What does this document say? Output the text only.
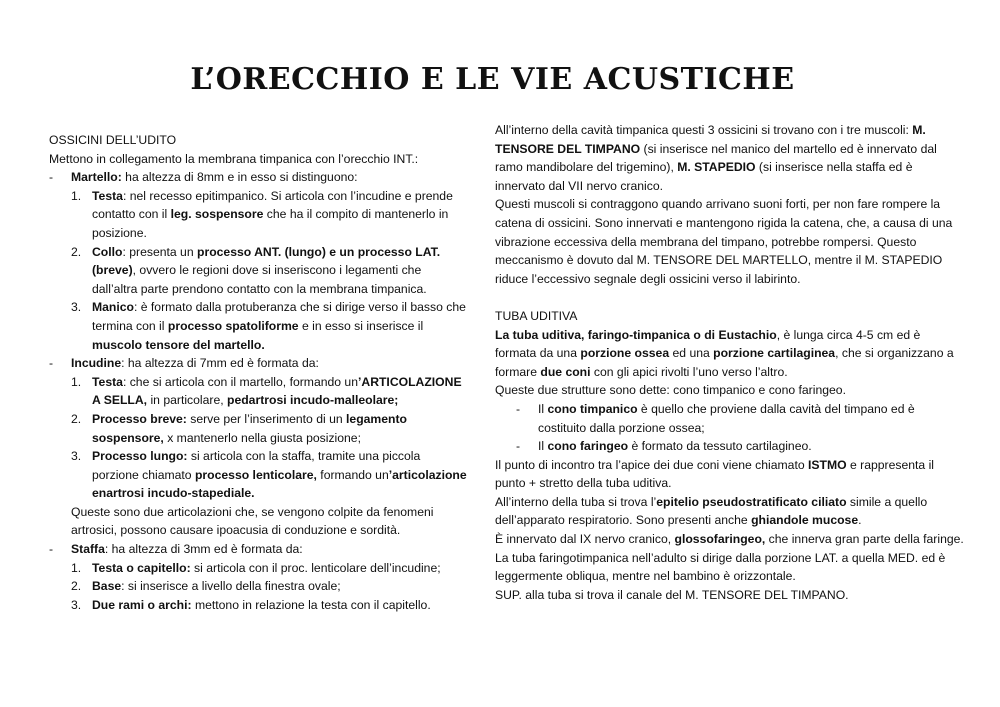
L’ORECCHIO E LE VIE ACUSTICHE

OSSICINI DELL’UDITO

Mettono in collegamento la membrana timpanica con l’orecchio INT.:

-	Martello: ha altezza di 8mm e in esso si distinguono:
1. Testa: nel recesso epitimpanico. Si articola con l’incudine e prende contatto con il leg. sospensore che ha il compito di mantenerlo in posizione.
2. Collo: presenta un processo ANT. (lungo) e un processo LAT. (breve), ovvero le regioni dove si inseriscono i legamenti che dall’altra parte prendono contatto con la membrana timpanica.
3. Manico: è formato dalla protuberanza che si dirige verso il basso che termina con il processo spatoliforme e in esso si inserisce il muscolo tensore del martello.
-	Incudine: ha altezza di 7mm ed è formata da:
1. Testa: che si articola con il martello, formando un’ARTICOLAZIONE A SELLA, in particolare, pedartrosi incudo-malleolare;
2. Processo breve: serve per l’inserimento di un legamento sospensore, x mantenerlo nella giusta posizione;
3. Processo lungo: si articola con la staffa, tramite una piccola porzione chiamato processo lenticolare, formando un’articolazione enartrosi incudo-stapediale.

Queste sono due articolazioni che, se vengono colpite da fenomeni artrosici, possono causare ipoacusia di conduzione e sordità.

-	Staffa: ha altezza di 3mm ed è formata da:
1. Testa o capitello: si articola con il proc. lenticolare dell’incudine;
2. Base: si inserisce a livello della finestra ovale;
3. Due rami o archi: mettono in relazione la testa con il capitello.

All’interno della cavità timpanica questi 3 ossicini si trovano con i tre muscoli: M. TENSORE DEL TIMPANO (si inserisce nel manico del martello ed è innervato dal ramo mandibolare del trigemino), M. STAPEDIO (si inserisce nella staffa ed è innervato dal VII nervo cranico.

Questi muscoli si contraggono quando arrivano suoni forti, per non fare rompere la catena di ossicini. Sono innervati e mantengono rigida la catena, che, a causa di una vibrazione eccessiva della membrana del timpano, potrebbe rompersi. Questo meccanismo è dovuto dal M. TENSORE DEL MARTELLO, mentre il M. STAPEDIO riduce l’eccessivo segnale degli ossicini verso il labirinto.

TUBA UDITIVA

La tuba uditiva, faringo-timpanica o di Eustachio, è lunga circa 4-5 cm ed è formata da una porzione ossea ed una porzione cartilaginea, che si organizzano a formare due coni con gli apici rivolti l’uno verso l’altro.

Queste due strutture sono dette: cono timpanico e cono faringeo.

-	Il cono timpanico è quello che proviene dalla cavità del timpano ed è costituito dalla porzione ossea;
-	Il cono faringeo è formato da tessuto cartilagineo.

Il punto di incontro tra l’apice dei due coni viene chiamato ISTMO e rappresenta il punto + stretto della tuba uditiva.

All’interno della tuba si trova l’epitelio pseudostratificato ciliato simile a quello dell’apparato respiratorio. Sono presenti anche ghiandole mucose.

È innervato dal IX nervo cranico, glossofaringeo, che innerva gran parte della faringe.

La tuba faringotimpanica nell’adulto si dirige dalla porzione LAT. a quella MED. ed è leggermente obliqua, mentre nel bambino è orizzontale.

SUP. alla tuba si trova il canale del M. TENSORE DEL TIMPANO.
